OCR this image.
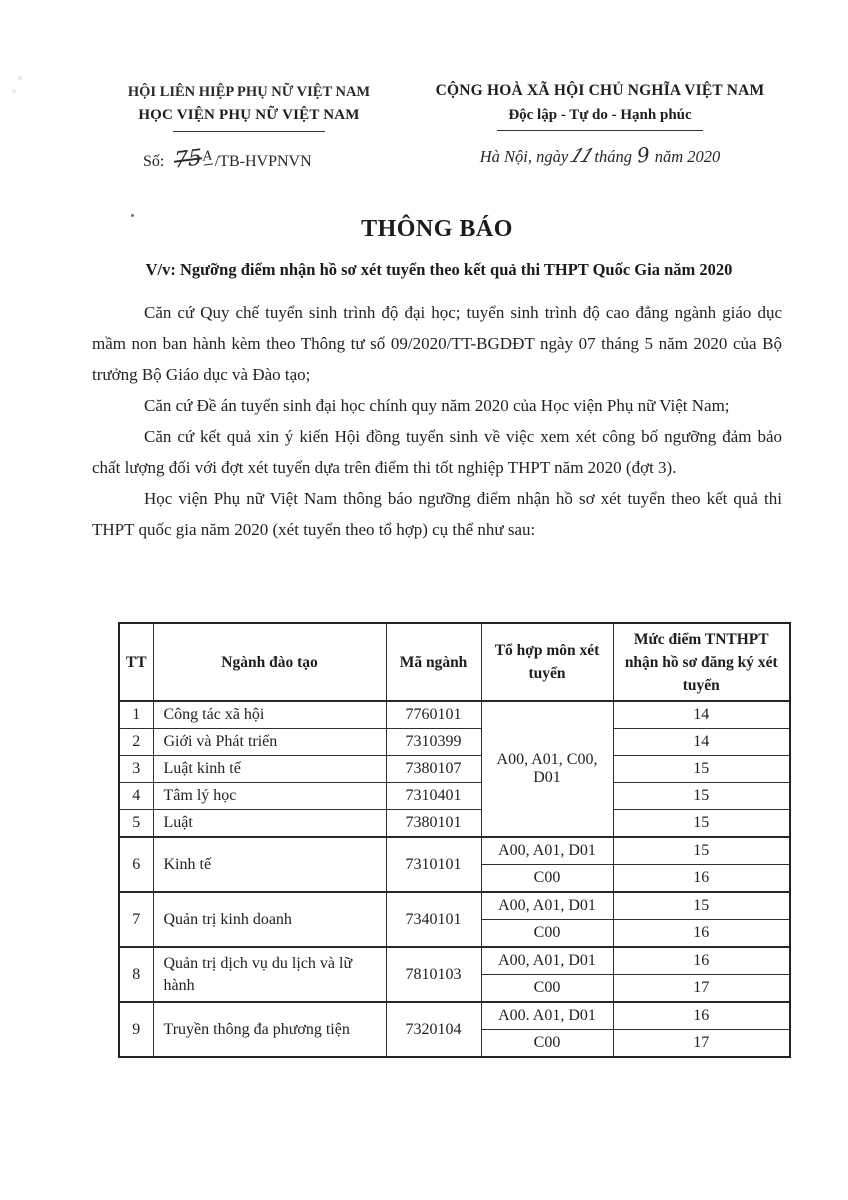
HỘI LIÊN HIỆP PHỤ NỮ VIỆT NAM
HỌC VIỆN PHỤ NỮ VIỆT NAM
CỘNG HOÀ XÃ HỘI CHỦ NGHĨA VIỆT NAM
Độc lập - Tự do - Hạnh phúc
Số: 75A/TB-HVPNVN	Hà Nội, ngày11tháng 9 năm 2020
THÔNG BÁO
V/v: Ngưỡng điểm nhận hồ sơ xét tuyển theo kết quả thi THPT Quốc Gia năm 2020

Căn cứ Quy chế tuyển sinh trình độ đại học; tuyển sinh trình độ cao đẳng ngành giáo dục mầm non ban hành kèm theo Thông tư số 09/2020/TT-BGDĐT ngày 07 tháng 5 năm 2020 của Bộ trưởng Bộ Giáo dục và Đào tạo;

Căn cứ Đề án tuyển sinh đại học chính quy năm 2020 của Học viện Phụ nữ Việt Nam;

Căn cứ kết quả xin ý kiến Hội đồng tuyển sinh về việc xem xét công bố ngưỡng đảm bảo chất lượng đối với đợt xét tuyển dựa trên điểm thi tốt nghiệp THPT năm 2020 (đợt 3).

Học viện Phụ nữ Việt Nam thông báo ngưỡng điểm nhận hồ sơ xét tuyển theo kết quả thi THPT quốc gia năm 2020 (xét tuyển theo tổ hợp) cụ thể như sau:

TT	Ngành đào tạo	Mã ngành	Tổ hợp môn xét tuyển	Mức điểm TNTHPT nhận hồ sơ đăng ký xét tuyển
1	Công tác xã hội	7760101	A00, A01, C00, D01	14
2	Giới và Phát triển	7310399		14
3	Luật kinh tế	7380107		15
4	Tâm lý học	7310401		15
5	Luật	7380101		15
6	Kinh tế	7310101	A00, A01, D01	15
			C00	16
7	Quản trị kinh doanh	7340101	A00, A01, D01	15
			C00	16
8	Quản trị dịch vụ du lịch và lữ hành	7810103	A00, A01, D01	16
			C00	17
9	Truyền thông đa phương tiện	7320104	A00. A01, D01	16
			C00	17
